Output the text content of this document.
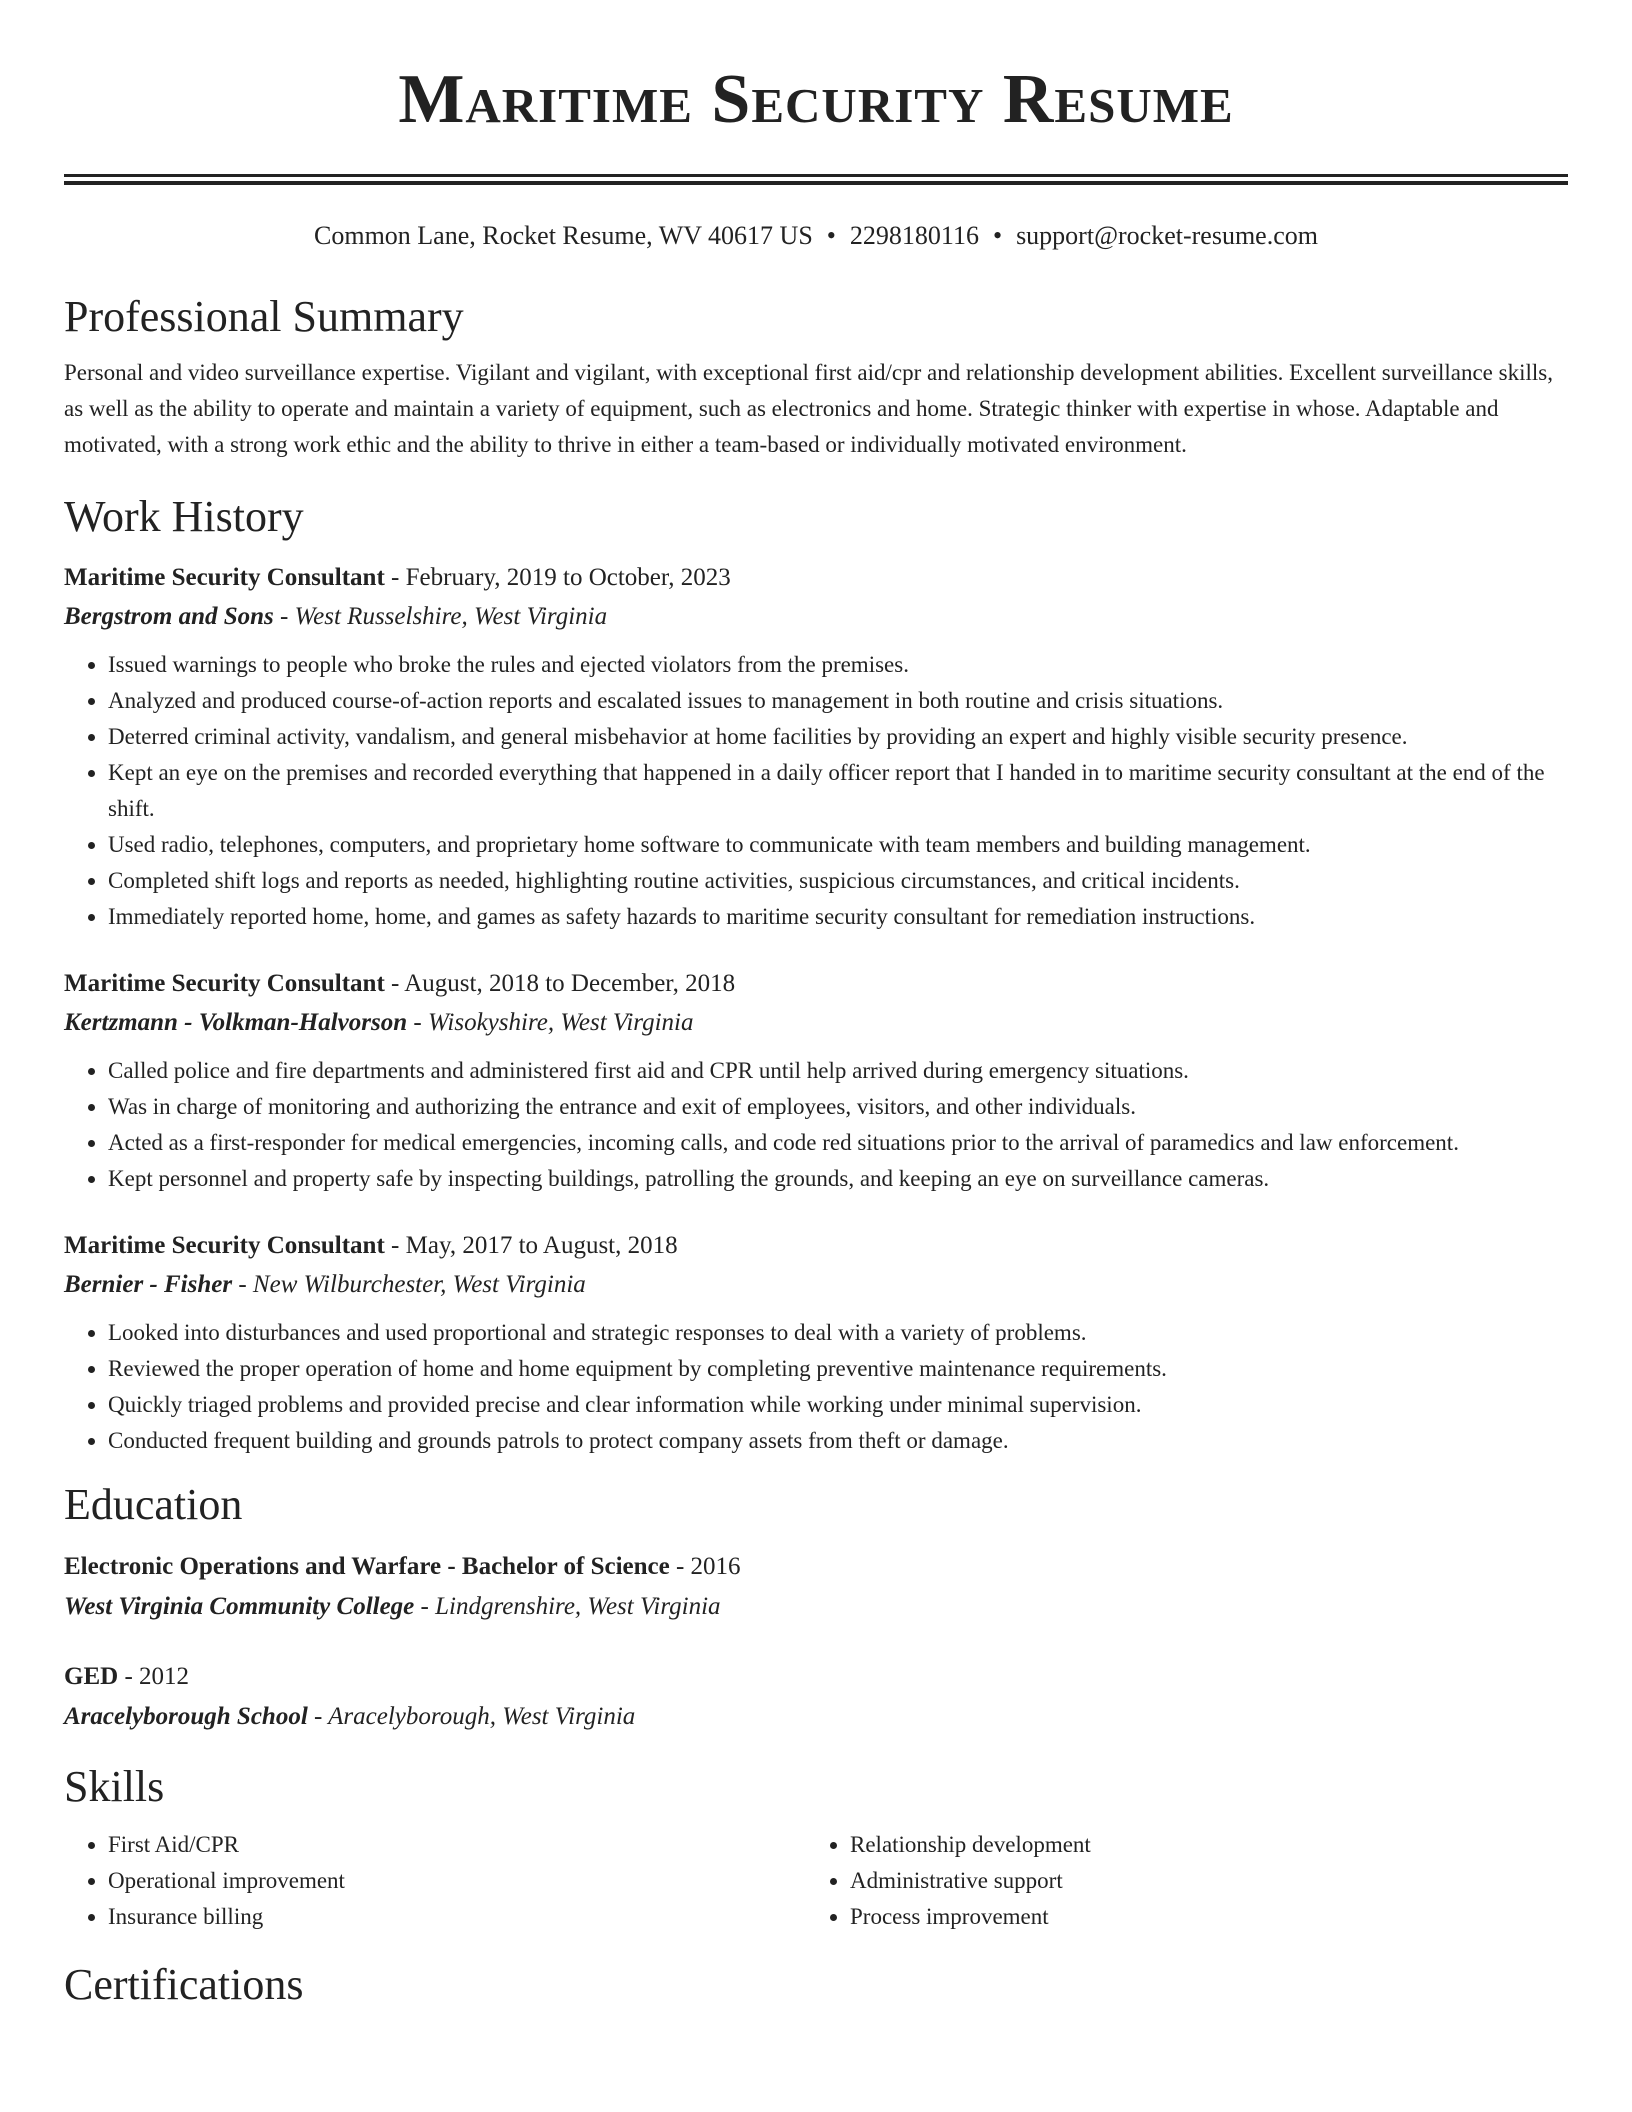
Maritime Security Resume
Common Lane, Rocket Resume, WV 40617 US • 2298180116 • support@rocket-resume.com
Professional Summary

Personal and video surveillance expertise. Vigilant and vigilant, with exceptional first aid/cpr and relationship development abilities. Excellent surveillance skills, as well as the ability to operate and maintain a variety of equipment, such as electronics and home. Strategic thinker with expertise in whose. Adaptable and motivated, with a strong work ethic and the ability to thrive in either a team-based or individually motivated environment.

Work History
Maritime Security Consultant - February, 2019 to October, 2023
Bergstrom and Sons - West Russelshire, West Virginia
• Issued warnings to people who broke the rules and ejected violators from the premises.
• Analyzed and produced course-of-action reports and escalated issues to management in both routine and crisis situations.
• Deterred criminal activity, vandalism, and general misbehavior at home facilities by providing an expert and highly visible security presence.
• Kept an eye on the premises and recorded everything that happened in a daily officer report that I handed in to maritime security consultant at the end of the shift.
• Used radio, telephones, computers, and proprietary home software to communicate with team members and building management.
• Completed shift logs and reports as needed, highlighting routine activities, suspicious circumstances, and critical incidents.
• Immediately reported home, home, and games as safety hazards to maritime security consultant for remediation instructions.
Maritime Security Consultant - August, 2018 to December, 2018
Kertzmann - Volkman-Halvorson - Wisokyshire, West Virginia
• Called police and fire departments and administered first aid and CPR until help arrived during emergency situations.
• Was in charge of monitoring and authorizing the entrance and exit of employees, visitors, and other individuals.
• Acted as a first-responder for medical emergencies, incoming calls, and code red situations prior to the arrival of paramedics and law enforcement.
• Kept personnel and property safe by inspecting buildings, patrolling the grounds, and keeping an eye on surveillance cameras.
Maritime Security Consultant - May, 2017 to August, 2018
Bernier - Fisher - New Wilburchester, West Virginia
• Looked into disturbances and used proportional and strategic responses to deal with a variety of problems.
• Reviewed the proper operation of home and home equipment by completing preventive maintenance requirements.
• Quickly triaged problems and provided precise and clear information while working under minimal supervision.
• Conducted frequent building and grounds patrols to protect company assets from theft or damage.
Education
Electronic Operations and Warfare - Bachelor of Science - 2016
West Virginia Community College - Lindgrenshire, West Virginia
GED - 2012
Aracelyborough School - Aracelyborough, West Virginia
Skills
• First Aid/CPR
• Operational improvement
• Insurance billing
• Relationship development
• Administrative support
• Process improvement
Certifications
